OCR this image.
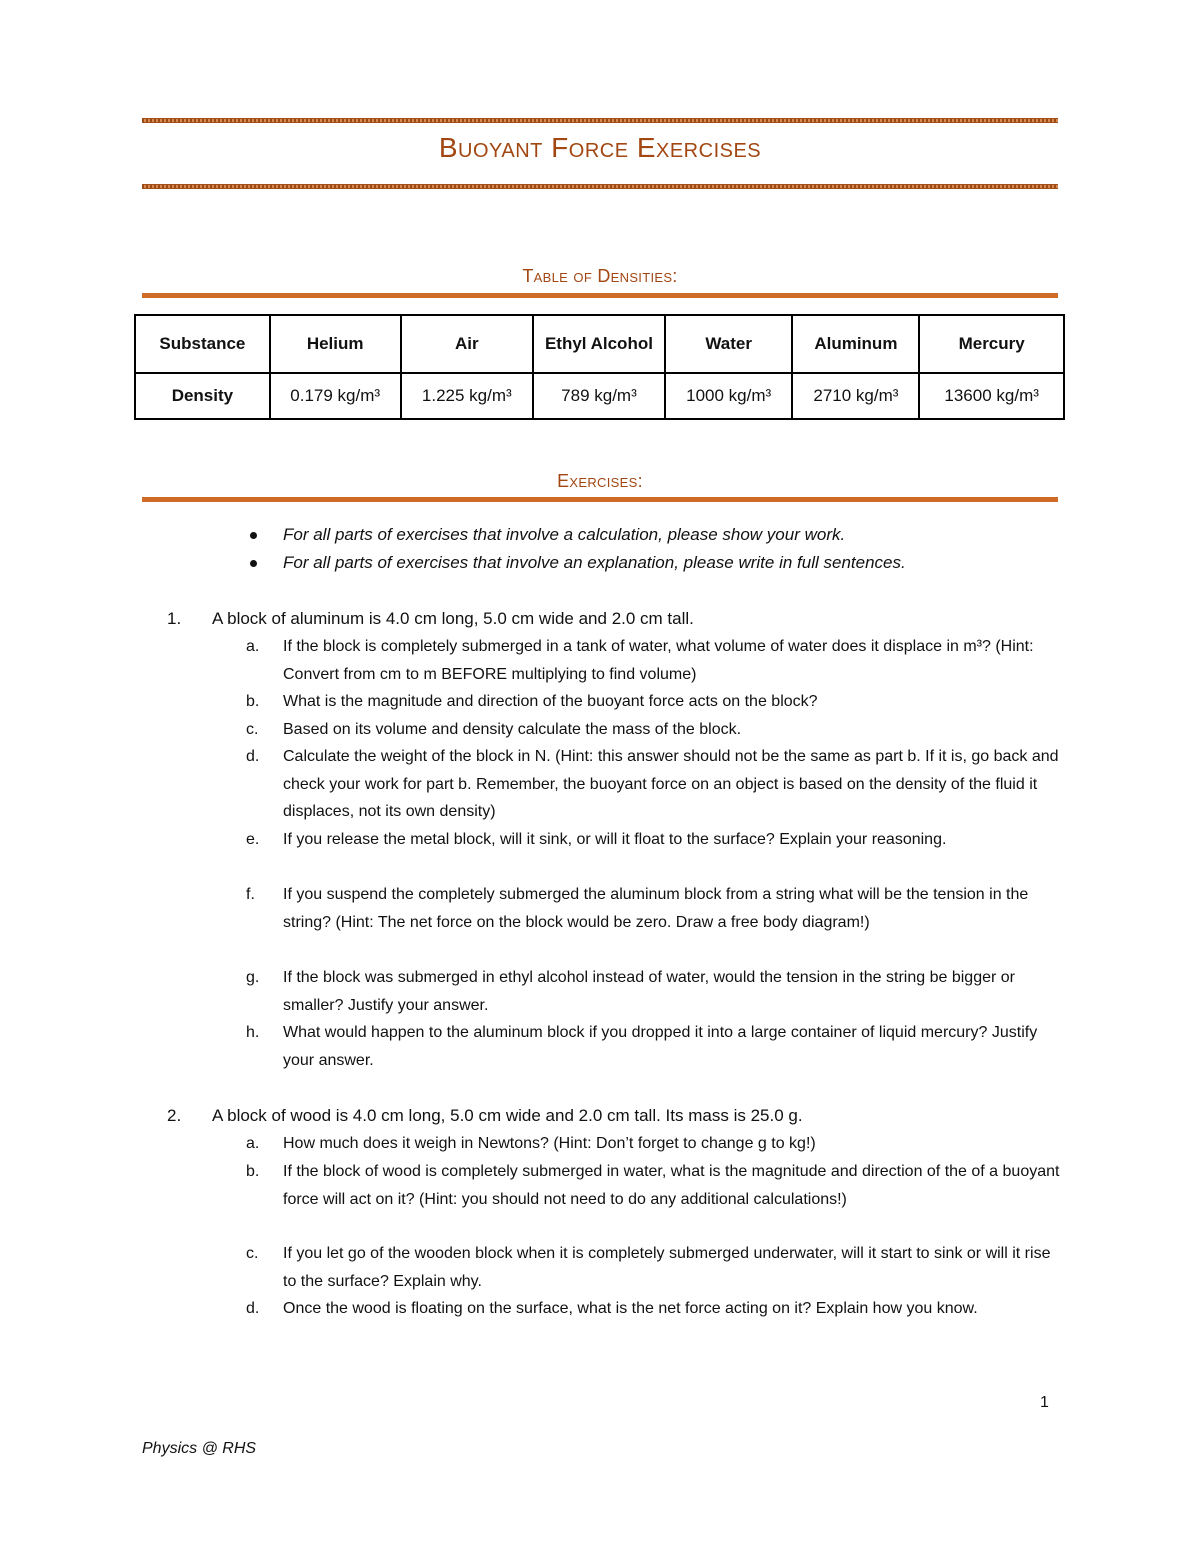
Buoyant Force Exercises
Table of Densities:
Substance	Helium	Air	Ethyl Alcohol	Water	Aluminum	Mercury
Density	0.179 kg/m³	1.225 kg/m³	789 kg/m³	1000 kg/m³	2710 kg/m³	13600 kg/m³
Exercises:
For all parts of exercises that involve a calculation, please show your work.
For all parts of exercises that involve an explanation, please write in full sentences.
1.	A block of aluminum is 4.0 cm long, 5.0 cm wide and 2.0 cm tall.
a. If the block is completely submerged in a tank of water, what volume of water does it displace in m³? (Hint: Convert from cm to m BEFORE multiplying to find volume)
b. What is the magnitude and direction of the buoyant force acts on the block?
c. Based on its volume and density calculate the mass of the block.
d. Calculate the weight of the block in N. (Hint: this answer should not be the same as part b. If it is, go back and check your work for part b. Remember, the buoyant force on an object is based on the density of the fluid it displaces, not its own density)
e. If you release the metal block, will it sink, or will it float to the surface? Explain your reasoning.
f. If you suspend the completely submerged the aluminum block from a string what will be the tension in the string? (Hint: The net force on the block would be zero. Draw a free body diagram!)
g. If the block was submerged in ethyl alcohol instead of water, would the tension in the string be bigger or smaller? Justify your answer.
h. What would happen to the aluminum block if you dropped it into a large container of liquid mercury? Justify your answer.
2.	A block of wood is 4.0 cm long, 5.0 cm wide and 2.0 cm tall. Its mass is 25.0 g.
a. How much does it weigh in Newtons? (Hint: Don’t forget to change g to kg!)
b. If the block of wood is completely submerged in water, what is the magnitude and direction of the of a buoyant force will act on it? (Hint: you should not need to do any additional calculations!)
c. If you let go of the wooden block when it is completely submerged underwater, will it start to sink or will it rise to the surface? Explain why.
d. Once the wood is floating on the surface, what is the net force acting on it? Explain how you know.
1
Physics @ RHS
